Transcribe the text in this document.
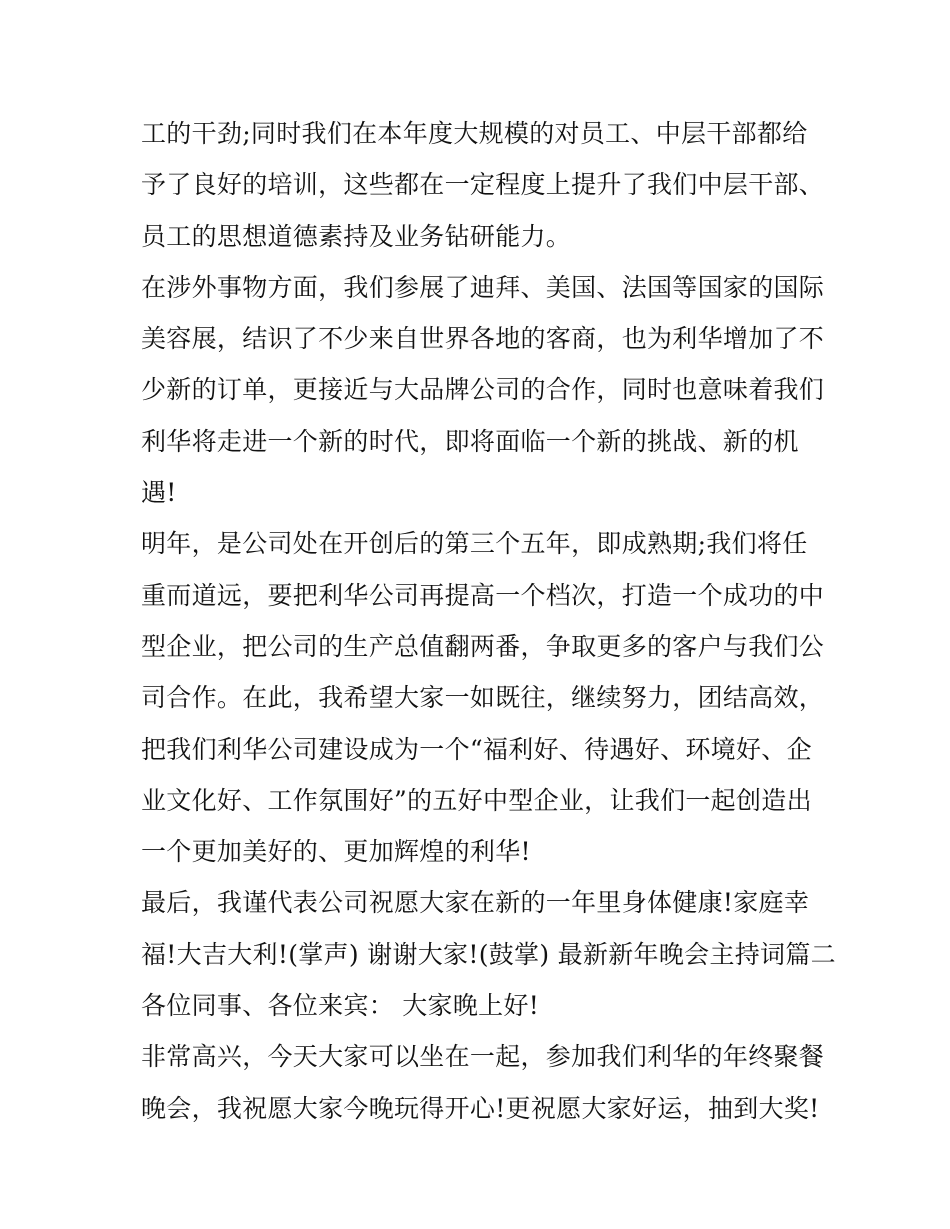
工的干劲;同时我们在本年度大规模的对员工、中层干部都给
予了良好的培训，这些都在一定程度上提升了我们中层干部、
员工的思想道德素持及业务钻研能力。
在涉外事物方面，我们参展了迪拜、美国、法国等国家的国际
美容展，结识了不少来自世界各地的客商，也为利华增加了不
少新的订单，更接近与大品牌公司的合作，同时也意味着我们
利华将走进一个新的时代，即将面临一个新的挑战、新的机
遇!
明年，是公司处在开创后的第三个五年，即成熟期;我们将任
重而道远，要把利华公司再提高一个档次，打造一个成功的中
型企业，把公司的生产总值翻两番，争取更多的客户与我们公
司合作。在此，我希望大家一如既往，继续努力，团结高效，
把我们利华公司建设成为一个“福利好、待遇好、环境好、企
业文化好、工作氛围好”的五好中型企业，让我们一起创造出
一个更加美好的、更加辉煌的利华!
最后，我谨代表公司祝愿大家在新的一年里身体健康!家庭幸
福!大吉大利!(掌声) 谢谢大家!(鼓掌) 最新新年晚会主持词篇二
各位同事、各位来宾： 大家晚上好!
非常高兴，今天大家可以坐在一起，参加我们利华的年终聚餐
晚会，我祝愿大家今晚玩得开心!更祝愿大家好运，抽到大奖!
